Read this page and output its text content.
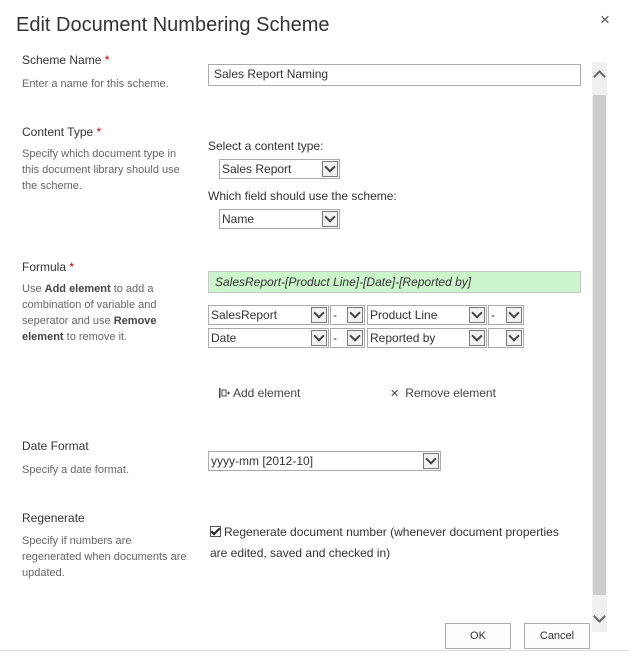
Edit Document Numbering Scheme	×
Scheme Name *
Enter a name for this scheme.
Sales Report Naming
Content Type *
Specify which document type in this document library should use the scheme.
Select a content type:
Sales Report
Which field should use the scheme:
Name
Formula *
Use Add element to add a combination of variable and seperator and use Remove element to remove it.
SalesReport-[Product Line]-[Date]-[Reported by]
SalesReport	-	Product Line	-
Date	-	Reported by
Add element	✕ Remove element
Date Format
Specify a date format.
yyyy-mm [2012-10]
Regenerate
Specify if numbers are regenerated when documents are updated.
Regenerate document number (whenever document properties are edited, saved and checked in)
OK	Cancel
